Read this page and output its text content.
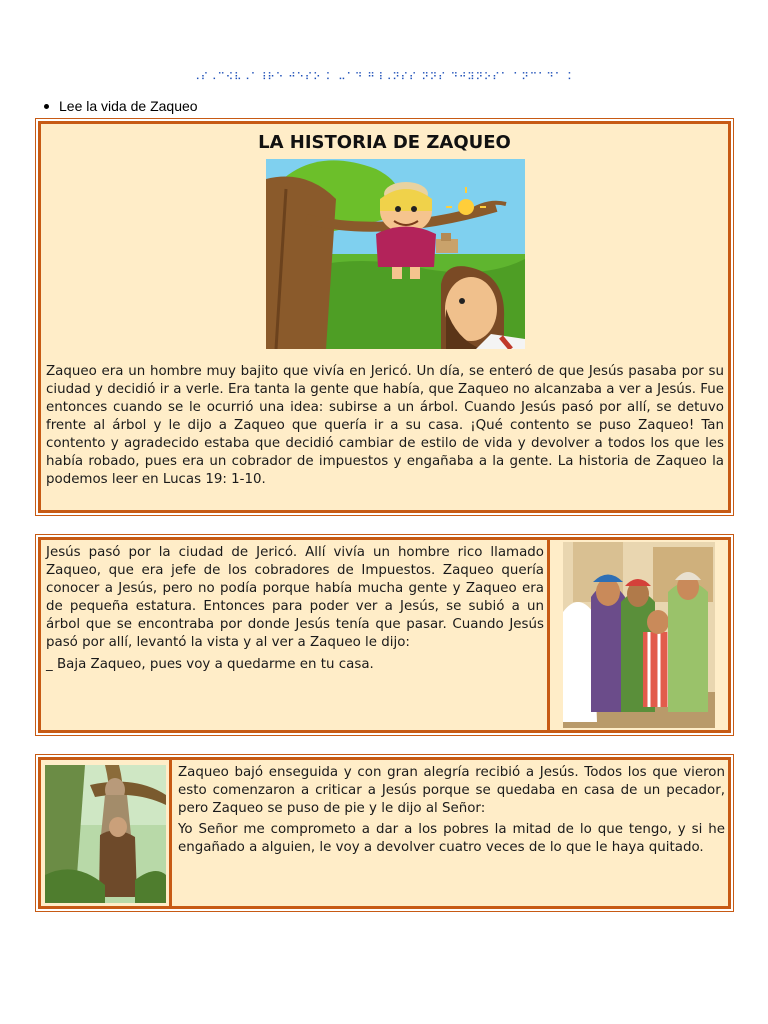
⠠⠎⠠⠉⠪⠧⠠⠁⠸⠗⠑ ⠚⠑⠎⠕ ⠅ ⠤⠁⠙ ⠛⠸⠠⠝⠎⠎ ⠝⠝⠎ ⠙⠚⠽⠝⠕⠎⠁ ⠁⠝⠉⠁⠙⠁ ⠅
Lee la vida de Zaqueo
LA HISTORIA DE ZAQUEO

Zaqueo era un hombre muy bajito que vivía en Jericó. Un día, se enteró de que Jesús pasaba por su ciudad y decidió ir a verle. Era tanta la gente que había, que Zaqueo no alcanzaba a ver a Jesús. Fue entonces cuando se le ocurrió una idea: subirse a un árbol. Cuando Jesús pasó por allí, se detuvo frente al árbol y le dijo a Zaqueo que quería ir a su casa. ¡Qué contento se puso Zaqueo! Tan contento y agradecido estaba que decidió cambiar de estilo de vida y devolver a todos los que les había robado, pues era un cobrador de impuestos y engañaba a la gente. La historia de Zaqueo la podemos leer en Lucas 19: 1-10.

Jesús pasó por la ciudad de Jericó. Allí vivía un hombre rico llamado Zaqueo, que era jefe de los cobradores de Impuestos. Zaqueo quería conocer a Jesús, pero no podía porque había mucha gente y Zaqueo era de pequeña estatura. Entonces para poder ver a Jesús, se subió a un árbol que se encontraba por donde Jesús tenía que pasar. Cuando Jesús pasó por allí, levantó la vista y al ver a Zaqueo le dijo:

_ Baja Zaqueo, pues voy a quedarme en tu casa.

Zaqueo bajó enseguida y con gran alegría recibió a Jesús. Todos los que vieron esto comenzaron a criticar a Jesús porque se quedaba en casa de un pecador, pero Zaqueo se puso de pie y le dijo al Señor:

Yo Señor me comprometo a dar a los pobres la mitad de lo que tengo, y si he engañado a alguien, le voy a devolver cuatro veces de lo que le haya quitado.
